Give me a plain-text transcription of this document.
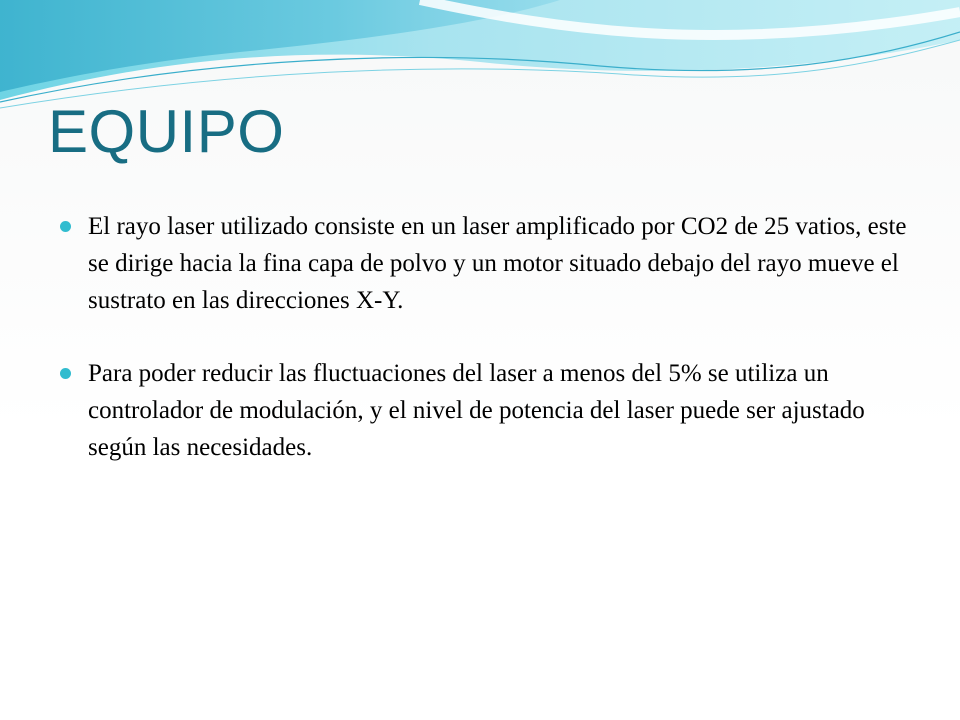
EQUIPO
El rayo laser utilizado consiste en un laser amplificado por CO2 de 25 vatios, este se dirige hacia la fina capa de polvo y un motor situado debajo del rayo mueve el sustrato en las direcciones X-Y.
Para poder reducir las fluctuaciones del laser a menos del 5% se utiliza un controlador de modulación, y el nivel de potencia del laser puede ser ajustado según las necesidades.
